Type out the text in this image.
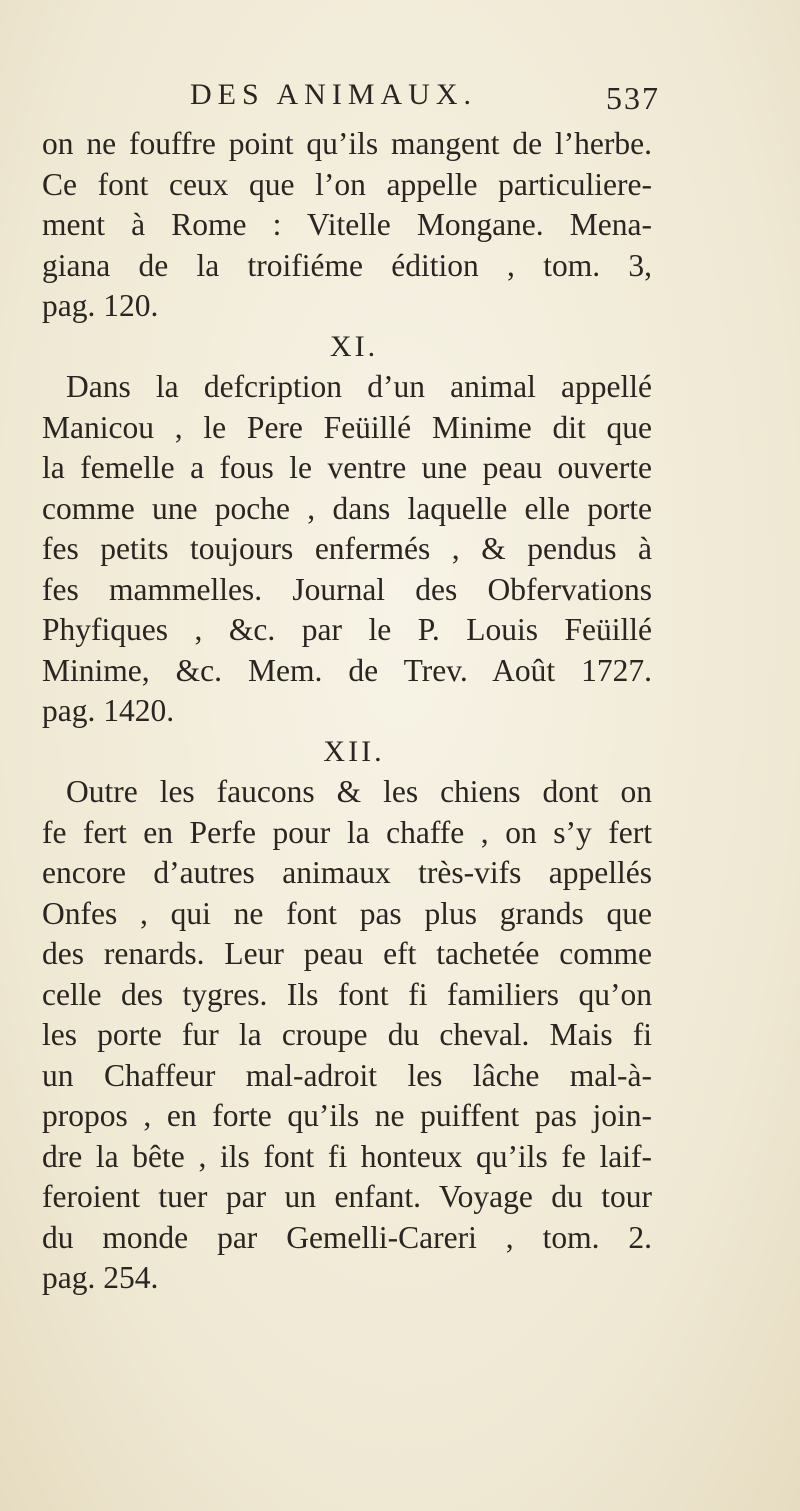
DES ANIMAUX.	537
on ne fouffre point qu’ils mangent de l’herbe.
Ce font ceux que l’on appelle particuliere-
ment à Rome : Vitelle Mongane. Mena-
giana de la troifiéme édition , tom. 3,
pag. 120.
XI.
Dans la defcription d’un animal appellé
Manicou , le Pere Feüillé Minime dit que
la femelle a fous le ventre une peau ouverte
comme une poche , dans laquelle elle porte
fes petits toujours enfermés , & pendus à
fes mammelles. Journal des Obfervations
Phyfiques , &c. par le P. Louis Feüillé
Minime, &c. Mem. de Trev. Août 1727.
pag. 1420.
XII.
Outre les faucons & les chiens dont on
fe fert en Perfe pour la chaffe , on s’y fert
encore d’autres animaux très-vifs appellés
Onfes , qui ne font pas plus grands que
des renards. Leur peau eft tachetée comme
celle des tygres. Ils font fi familiers qu’on
les porte fur la croupe du cheval. Mais fi
un Chaffeur mal-adroit les lâche mal-à-
propos , en forte qu’ils ne puiffent pas join-
dre la bête , ils font fi honteux qu’ils fe laif-
feroient tuer par un enfant. Voyage du tour
du monde par Gemelli-Careri , tom. 2.
pag. 254.
